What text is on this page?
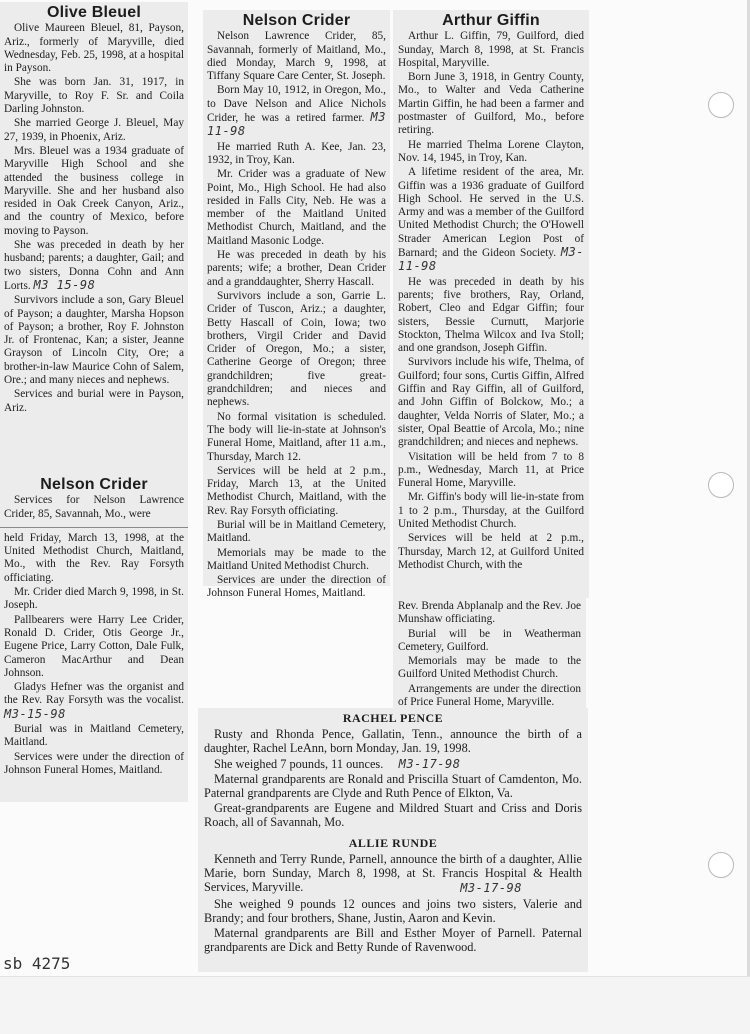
Olive Bleuel

Olive Maureen Bleuel, 81, Payson, Ariz., formerly of Maryville, died Wednesday, Feb. 25, 1998, at a hospital in Payson.

She was born Jan. 31, 1917, in Maryville, to Roy F. Sr. and Coila Darling Johnston.

She married George J. Bleuel, May 27, 1939, in Phoenix, Ariz.

Mrs. Bleuel was a 1934 graduate of Maryville High School and she attended the business college in Maryville. She and her husband also resided in Oak Creek Canyon, Ariz., and the country of Mexico, before moving to Payson.

She was preceded in death by her husband; parents; a daughter, Gail; and two sisters, Donna Cohn and Ann Lorts. M3 15-98

Survivors include a son, Gary Bleuel of Payson; a daughter, Marsha Hopson of Payson; a brother, Roy F. Johnston Jr. of Frontenac, Kan; a sister, Jeanne Grayson of Lincoln City, Ore; a brother-in-law Maurice Cohn of Salem, Ore.; and many nieces and nephews.

Services and burial were in Payson, Ariz.

Nelson Crider

Services for Nelson Lawrence Crider, 85, Savannah, Mo., were

held Friday, March 13, 1998, at the United Methodist Church, Maitland, Mo., with the Rev. Ray Forsyth officiating.

Mr. Crider died March 9, 1998, in St. Joseph.

Pallbearers were Harry Lee Crider, Ronald D. Crider, Otis George Jr., Eugene Price, Larry Cotton, Dale Fulk, Cameron MacArthur and Dean Johnson.

Gladys Hefner was the organist and the Rev. Ray Forsyth was the vocalist. M3-15-98

Burial was in Maitland Cemetery, Maitland.

Services were under the direction of Johnson Funeral Homes, Maitland.

Nelson Crider

Nelson Lawrence Crider, 85, Savannah, formerly of Maitland, Mo., died Monday, March 9, 1998, at Tiffany Square Care Center, St. Joseph.

Born May 10, 1912, in Oregon, Mo., to Dave Nelson and Alice Nichols Crider, he was a retired farmer. M3 11-98

He married Ruth A. Kee, Jan. 23, 1932, in Troy, Kan.

Mr. Crider was a graduate of New Point, Mo., High School. He had also resided in Falls City, Neb. He was a member of the Maitland United Methodist Church, Maitland, and the Maitland Masonic Lodge.

He was preceded in death by his parents; wife; a brother, Dean Crider and a granddaughter, Sherry Hascall.

Survivors include a son, Garrie L. Crider of Tuscon, Ariz.; a daughter, Betty Hascall of Coin, Iowa; two brothers, Virgil Crider and David Crider of Oregon, Mo.; a sister, Catherine George of Oregon; three grandchildren; five great-grandchildren; and nieces and nephews.

No formal visitation is scheduled. The body will lie-in-state at Johnson's Funeral Home, Maitland, after 11 a.m., Thursday, March 12.

Services will be held at 2 p.m., Friday, March 13, at the United Methodist Church, Maitland, with the Rev. Ray Forsyth officiating.

Burial will be in Maitland Cemetery, Maitland.

Memorials may be made to the Maitland United Methodist Church.

Services are under the direction of Johnson Funeral Homes, Maitland.

Arthur Giffin

Arthur L. Giffin, 79, Guilford, died Sunday, March 8, 1998, at St. Francis Hospital, Maryville.

Born June 3, 1918, in Gentry County, Mo., to Walter and Veda Catherine Martin Giffin, he had been a farmer and postmaster of Guilford, Mo., before retiring.

He married Thelma Lorene Clayton, Nov. 14, 1945, in Troy, Kan.

A lifetime resident of the area, Mr. Giffin was a 1936 graduate of Guilford High School. He served in the U.S. Army and was a member of the Guilford United Methodist Church; the O'Howell Strader American Legion Post of Barnard; and the Gideon Society. M3-11-98

He was preceded in death by his parents; five brothers, Ray, Orland, Robert, Cleo and Edgar Giffin; four sisters, Bessie Curnutt, Marjorie Stockton, Thelma Wilcox and Iva Stoll; and one grandson, Joseph Giffin.

Survivors include his wife, Thelma, of Guilford; four sons, Curtis Giffin, Alfred Giffin and Ray Giffin, all of Guilford, and John Giffin of Bolckow, Mo.; a daughter, Velda Norris of Slater, Mo.; a sister, Opal Beattie of Arcola, Mo.; nine grandchildren; and nieces and nephews.

Visitation will be held from 7 to 8 p.m., Wednesday, March 11, at Price Funeral Home, Maryville.

Mr. Giffin's body will lie-in-state from 1 to 2 p.m., Thursday, at the Guilford United Methodist Church.

Services will be held at 2 p.m., Thursday, March 12, at Guilford United Methodist Church, with the

Rev. Brenda Abplanalp and the Rev. Joe Munshaw officiating.

Burial will be in Weatherman Cemetery, Guilford.

Memorials may be made to the Guilford United Methodist Church.

Arrangements are under the direction of Price Funeral Home, Maryville.

RACHEL PENCE

Rusty and Rhonda Pence, Gallatin, Tenn., announce the birth of a daughter, Rachel LeAnn, born Monday, Jan. 19, 1998.

She weighed 7 pounds, 11 ounces. M3-17-98

Maternal grandparents are Ronald and Priscilla Stuart of Camdenton, Mo. Paternal grandparents are Clyde and Ruth Pence of Elkton, Va.

Great-grandparents are Eugene and Mildred Stuart and Criss and Doris Roach, all of Savannah, Mo.

ALLIE RUNDE

Kenneth and Terry Runde, Parnell, announce the birth of a daughter, Allie Marie, born Sunday, March 8, 1998, at St. Francis Hospital & Health Services, Maryville.	M3-17-98

She weighed 9 pounds 12 ounces and joins two sisters, Valerie and Brandy; and four brothers, Shane, Justin, Aaron and Kevin.

Maternal grandparents are Bill and Esther Moyer of Parnell. Paternal grandparents are Dick and Betty Runde of Ravenwood.

sb 4275
